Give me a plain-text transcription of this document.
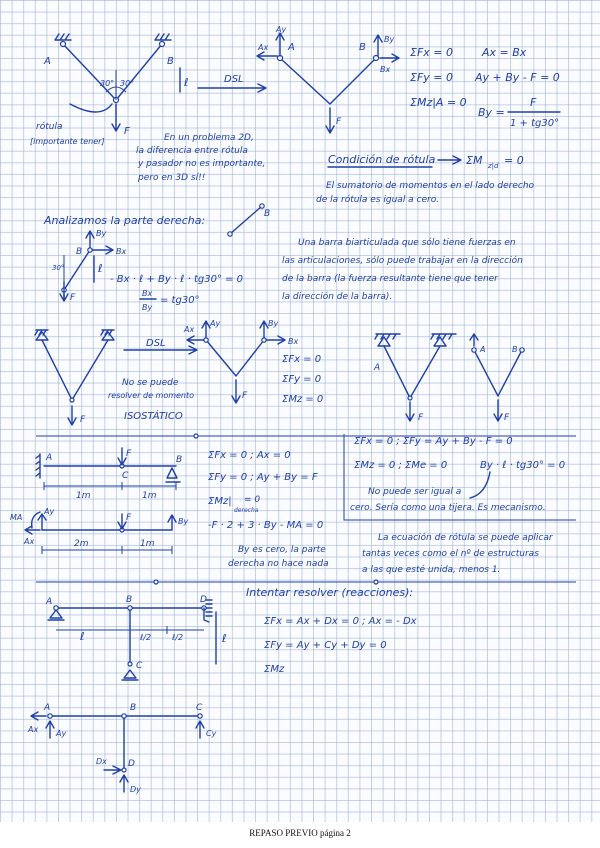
A	B
30° 30°
F
ℓ	DSL
rótula
[importante tener]
Ay
Ax A	B
By
Bx
F
ΣFx = 0
ΣFy = 0
ΣMz|A = 0
Ax = Bx
Ay + By - F = 0
By =
F
1 + tg30°
En un problema 2D,
la diferencia entre rótula
y pasador no es importante,
pero en 3D sí!!
Condición de rótula	ΣM z|d = 0
El sumatorio de momentos en el lado derecho
de la rótula es igual a cero.
Analizamos la parte derecha:	B
B
By
Bx
F
ℓ
30°
- Bx · ℓ + By · ℓ · tg30° = 0
Bx
By
= tg30°
Una barra biarticulada que sólo tiene fuerzas en
las articulaciones, sólo puede trabajar en la dirección
de la barra (la fuerza resultante tiene que tener
la dirección de la barra).
F
DSL
Ay
Ax
By
Bx
F
ΣFx = 0
ΣFy = 0
ΣMz = 0
No se puede
resolver de momento
ISOSTÁTICO
A
F
A	B
F
A	F
C
B
1m	1m
MA
Ay
Ax
F	By
2m	1m
ΣFx = 0 ; Ax = 0
ΣFy = 0 ; Ay + By = F
ΣMz| = 0
derecha
-F · 2 + 3 · By - MA = 0
By es cero, la parte
derecha no hace nada
ΣFx = 0 ; ΣFy = Ay + By - F = 0
ΣMz = 0 ; ΣMe = 0	By · ℓ · tg30° = 0
No puede ser igual a
cero. Sería como una tijera. Es mecanismo.
La ecuación de rótula se puede aplicar
tantas veces como el nº de estructuras
a las que esté unida, menos 1.
A	B	D
C
ℓ	ℓ/2	ℓ/2	ℓ
Intentar resolver (reacciones):
ΣFx = Ax + Dx = 0 ; Ax = - Dx
ΣFy = Ay + Cy + Dy = 0
ΣMz
A	B	C
D
Ax Ay	Cy
Dx
Dy
REPASO PREVIO página 2
